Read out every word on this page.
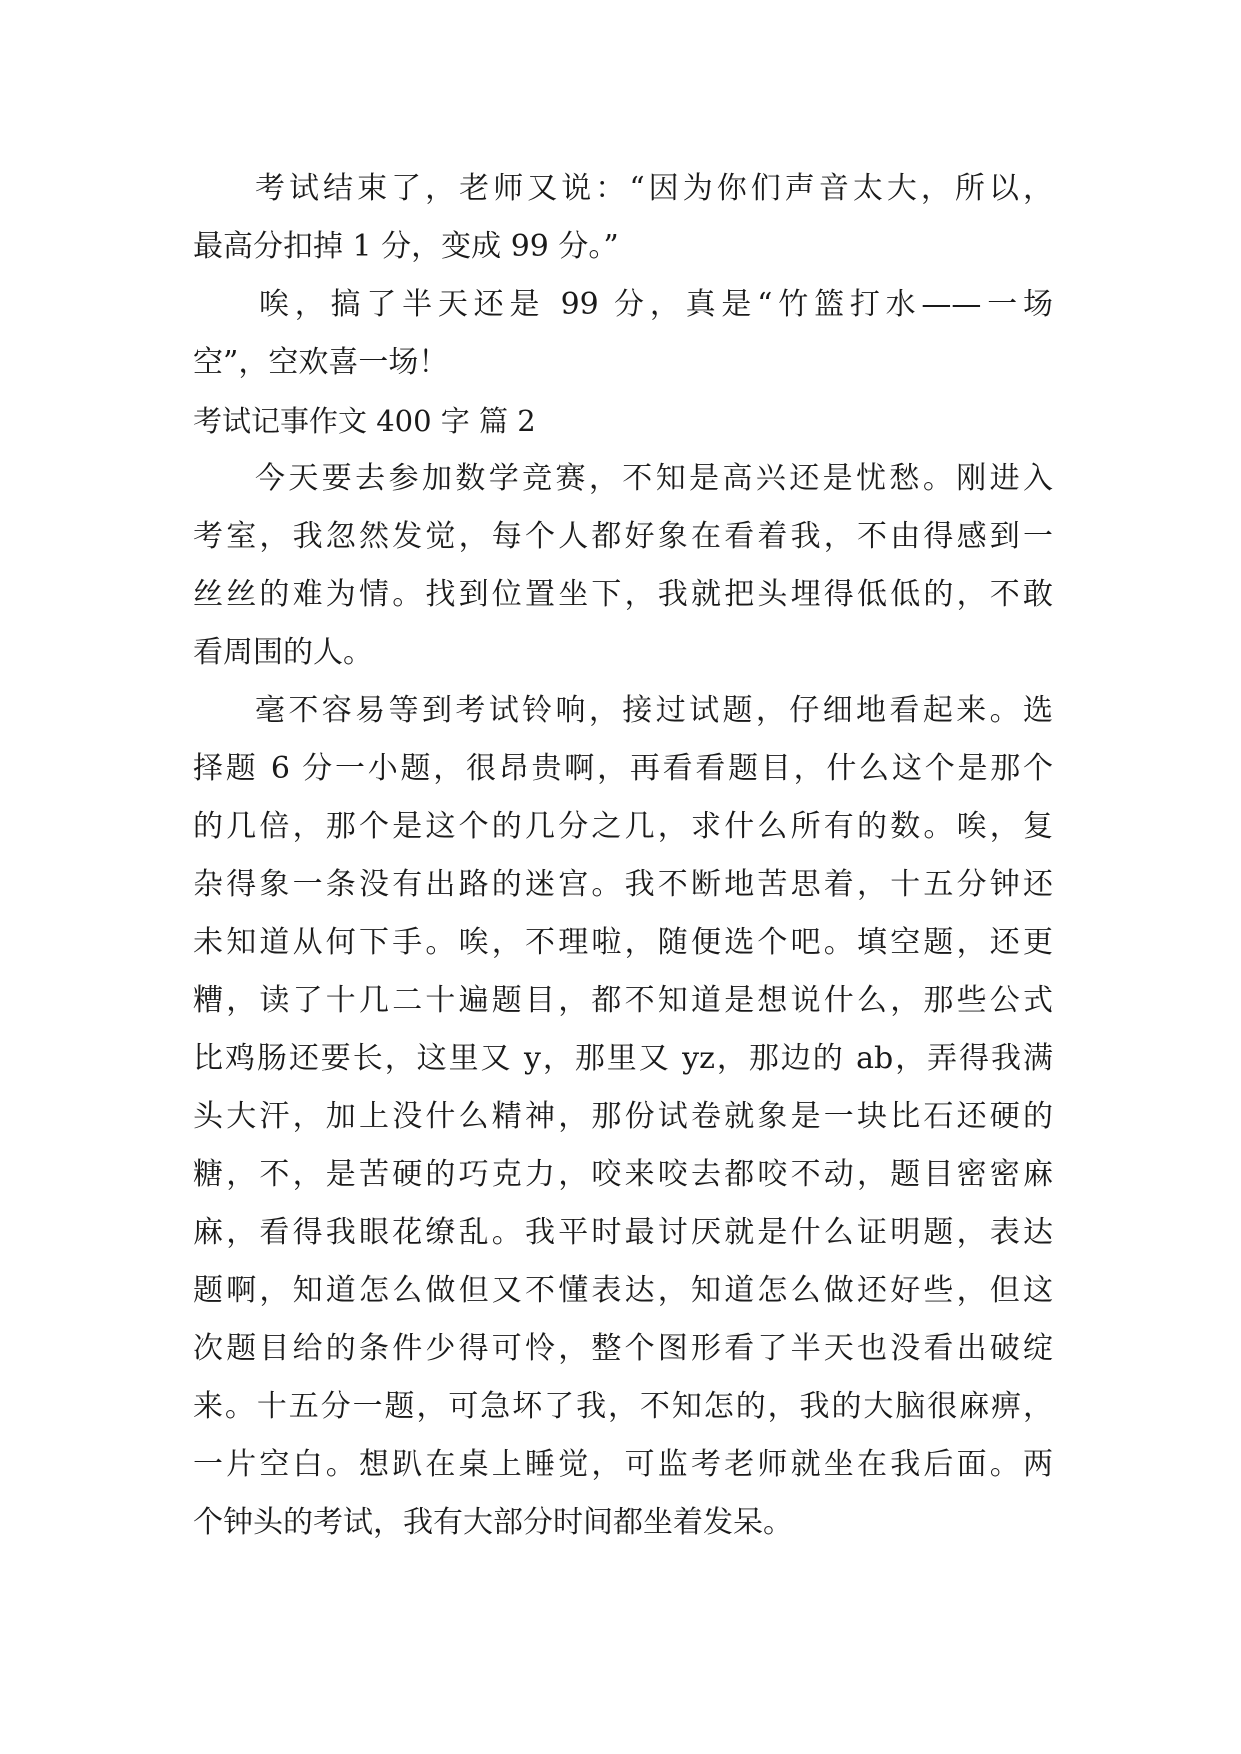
考试结束了，老师又说：“因为你们声音太大，所以，
最高分扣掉 1 分，变成 99 分。”
唉，搞了半天还是 99 分，真是“竹篮打水——一场
空”，空欢喜一场！
考试记事作文 400 字 篇 2
今天要去参加数学竞赛，不知是高兴还是忧愁。刚进入
考室，我忽然发觉，每个人都好象在看着我，不由得感到一
丝丝的难为情。找到位置坐下，我就把头埋得低低的，不敢
看周围的人。
毫不容易等到考试铃响，接过试题，仔细地看起来。选
择题 6 分一小题，很昂贵啊，再看看题目，什么这个是那个
的几倍，那个是这个的几分之几，求什么所有的数。唉，复
杂得象一条没有出路的迷宫。我不断地苦思着，十五分钟还
未知道从何下手。唉，不理啦，随便选个吧。填空题，还更
糟，读了十几二十遍题目，都不知道是想说什么，那些公式
比鸡肠还要长，这里又 y，那里又 yz，那边的 ab，弄得我满
头大汗，加上没什么精神，那份试卷就象是一块比石还硬的
糖，不，是苦硬的巧克力，咬来咬去都咬不动，题目密密麻
麻，看得我眼花缭乱。我平时最讨厌就是什么证明题，表达
题啊，知道怎么做但又不懂表达，知道怎么做还好些，但这
次题目给的条件少得可怜，整个图形看了半天也没看出破绽
来。十五分一题，可急坏了我，不知怎的，我的大脑很麻痹，
一片空白。想趴在桌上睡觉，可监考老师就坐在我后面。两
个钟头的考试，我有大部分时间都坐着发呆。
